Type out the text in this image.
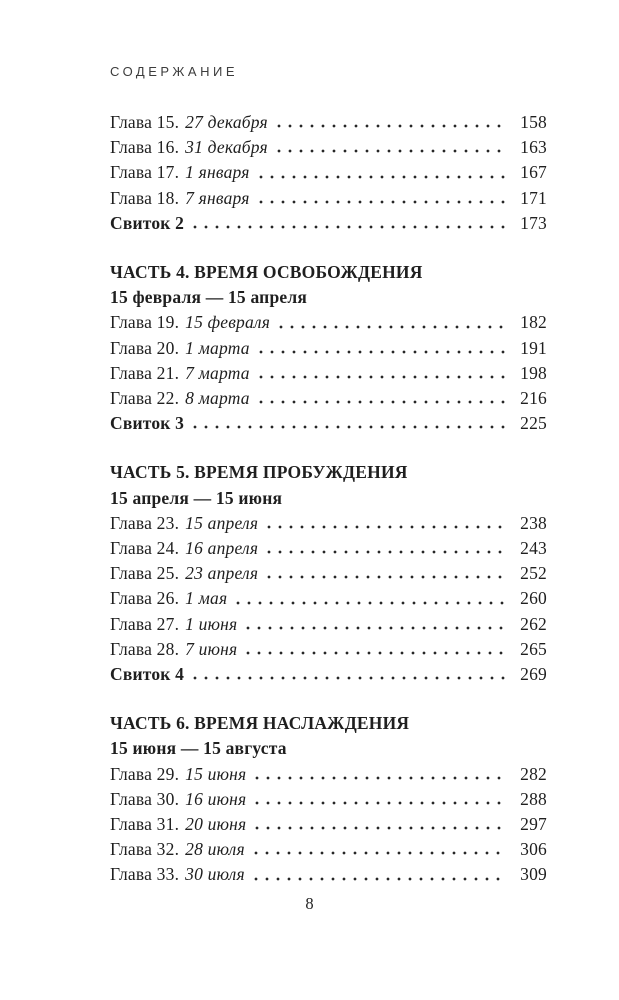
СОДЕРЖАНИЕ
Глава 15. 27 декабря	158
Глава 16. 31 декабря	163
Глава 17. 1 января	167
Глава 18. 7 января	171
Свиток 2	173
ЧАСТЬ 4. ВРЕМЯ ОСВОБОЖДЕНИЯ
15 февраля — 15 апреля
Глава 19. 15 февраля	182
Глава 20. 1 марта	191
Глава 21. 7 марта	198
Глава 22. 8 марта	216
Свиток 3	225
ЧАСТЬ 5. ВРЕМЯ ПРОБУЖДЕНИЯ
15 апреля — 15 июня
Глава 23. 15 апреля	238
Глава 24. 16 апреля	243
Глава 25. 23 апреля	252
Глава 26. 1 мая	260
Глава 27. 1 июня	262
Глава 28. 7 июня	265
Свиток 4	269
ЧАСТЬ 6. ВРЕМЯ НАСЛАЖДЕНИЯ
15 июня — 15 августа
Глава 29. 15 июня	282
Глава 30. 16 июня	288
Глава 31. 20 июня	297
Глава 32. 28 июля	306
Глава 33. 30 июля	309
8
